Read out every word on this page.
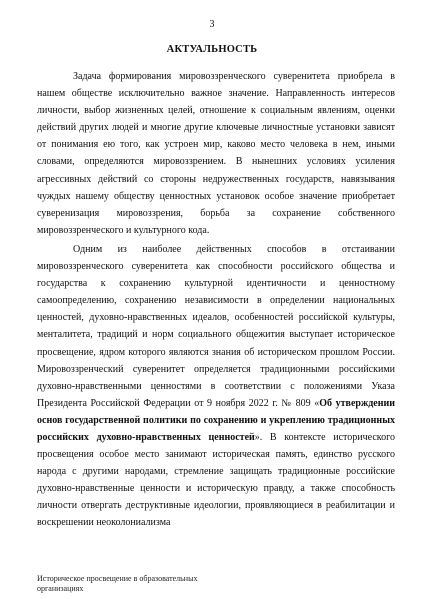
3
АКТУАЛЬНОСТЬ

Задача формирования мировоззренческого суверенитета приобрела в нашем обществе исключительно важное значение. Направленность интересов личности, выбор жизненных целей, отношение к социальным явлениям, оценки действий других людей и многие другие ключевые личностные установки зависят от понимания ею того, как устроен мир, каково место человека в нем, иными словами, определяются мировоззрением. В нынешних условиях усиления агрессивных действий со стороны недружественных государств, навязывания чуждых нашему обществу ценностных установок особое значение приобретает суверенизация мировоззрения, борьба за сохранение собственного мировоззренческого и культурного кода.

Одним из наиболее действенных способов в отстаивании мировоззренческого суверенитета как способности российского общества и государства к сохранению культурной идентичности и ценностному самоопределению, сохранению независимости в определении национальных ценностей, духовно-нравственных идеалов, особенностей российской культуры, менталитета, традиций и норм социального общежития выступает историческое просвещение, ядром которого являются знания об историческом прошлом России. Мировоззренческий суверенитет определяется традиционными российскими духовно-нравственными ценностями в соответствии с положениями Указа Президента Российской Федерации от 9 ноября 2022 г. № 809 «Об утверждении основ государственной политики по сохранению и укреплению традиционных российских духовно-нравственных ценностей». В контексте исторического просвещения особое место занимают историческая память, единство русского народа с другими народами, стремление защищать традиционные российские духовно-нравственные ценности и историческую правду, а также способность личности отвергать деструктивные идеологии, проявляющиеся в реабилитации и воскрешении неоколониализма

Историческое просвещение в образовательных
организациях
